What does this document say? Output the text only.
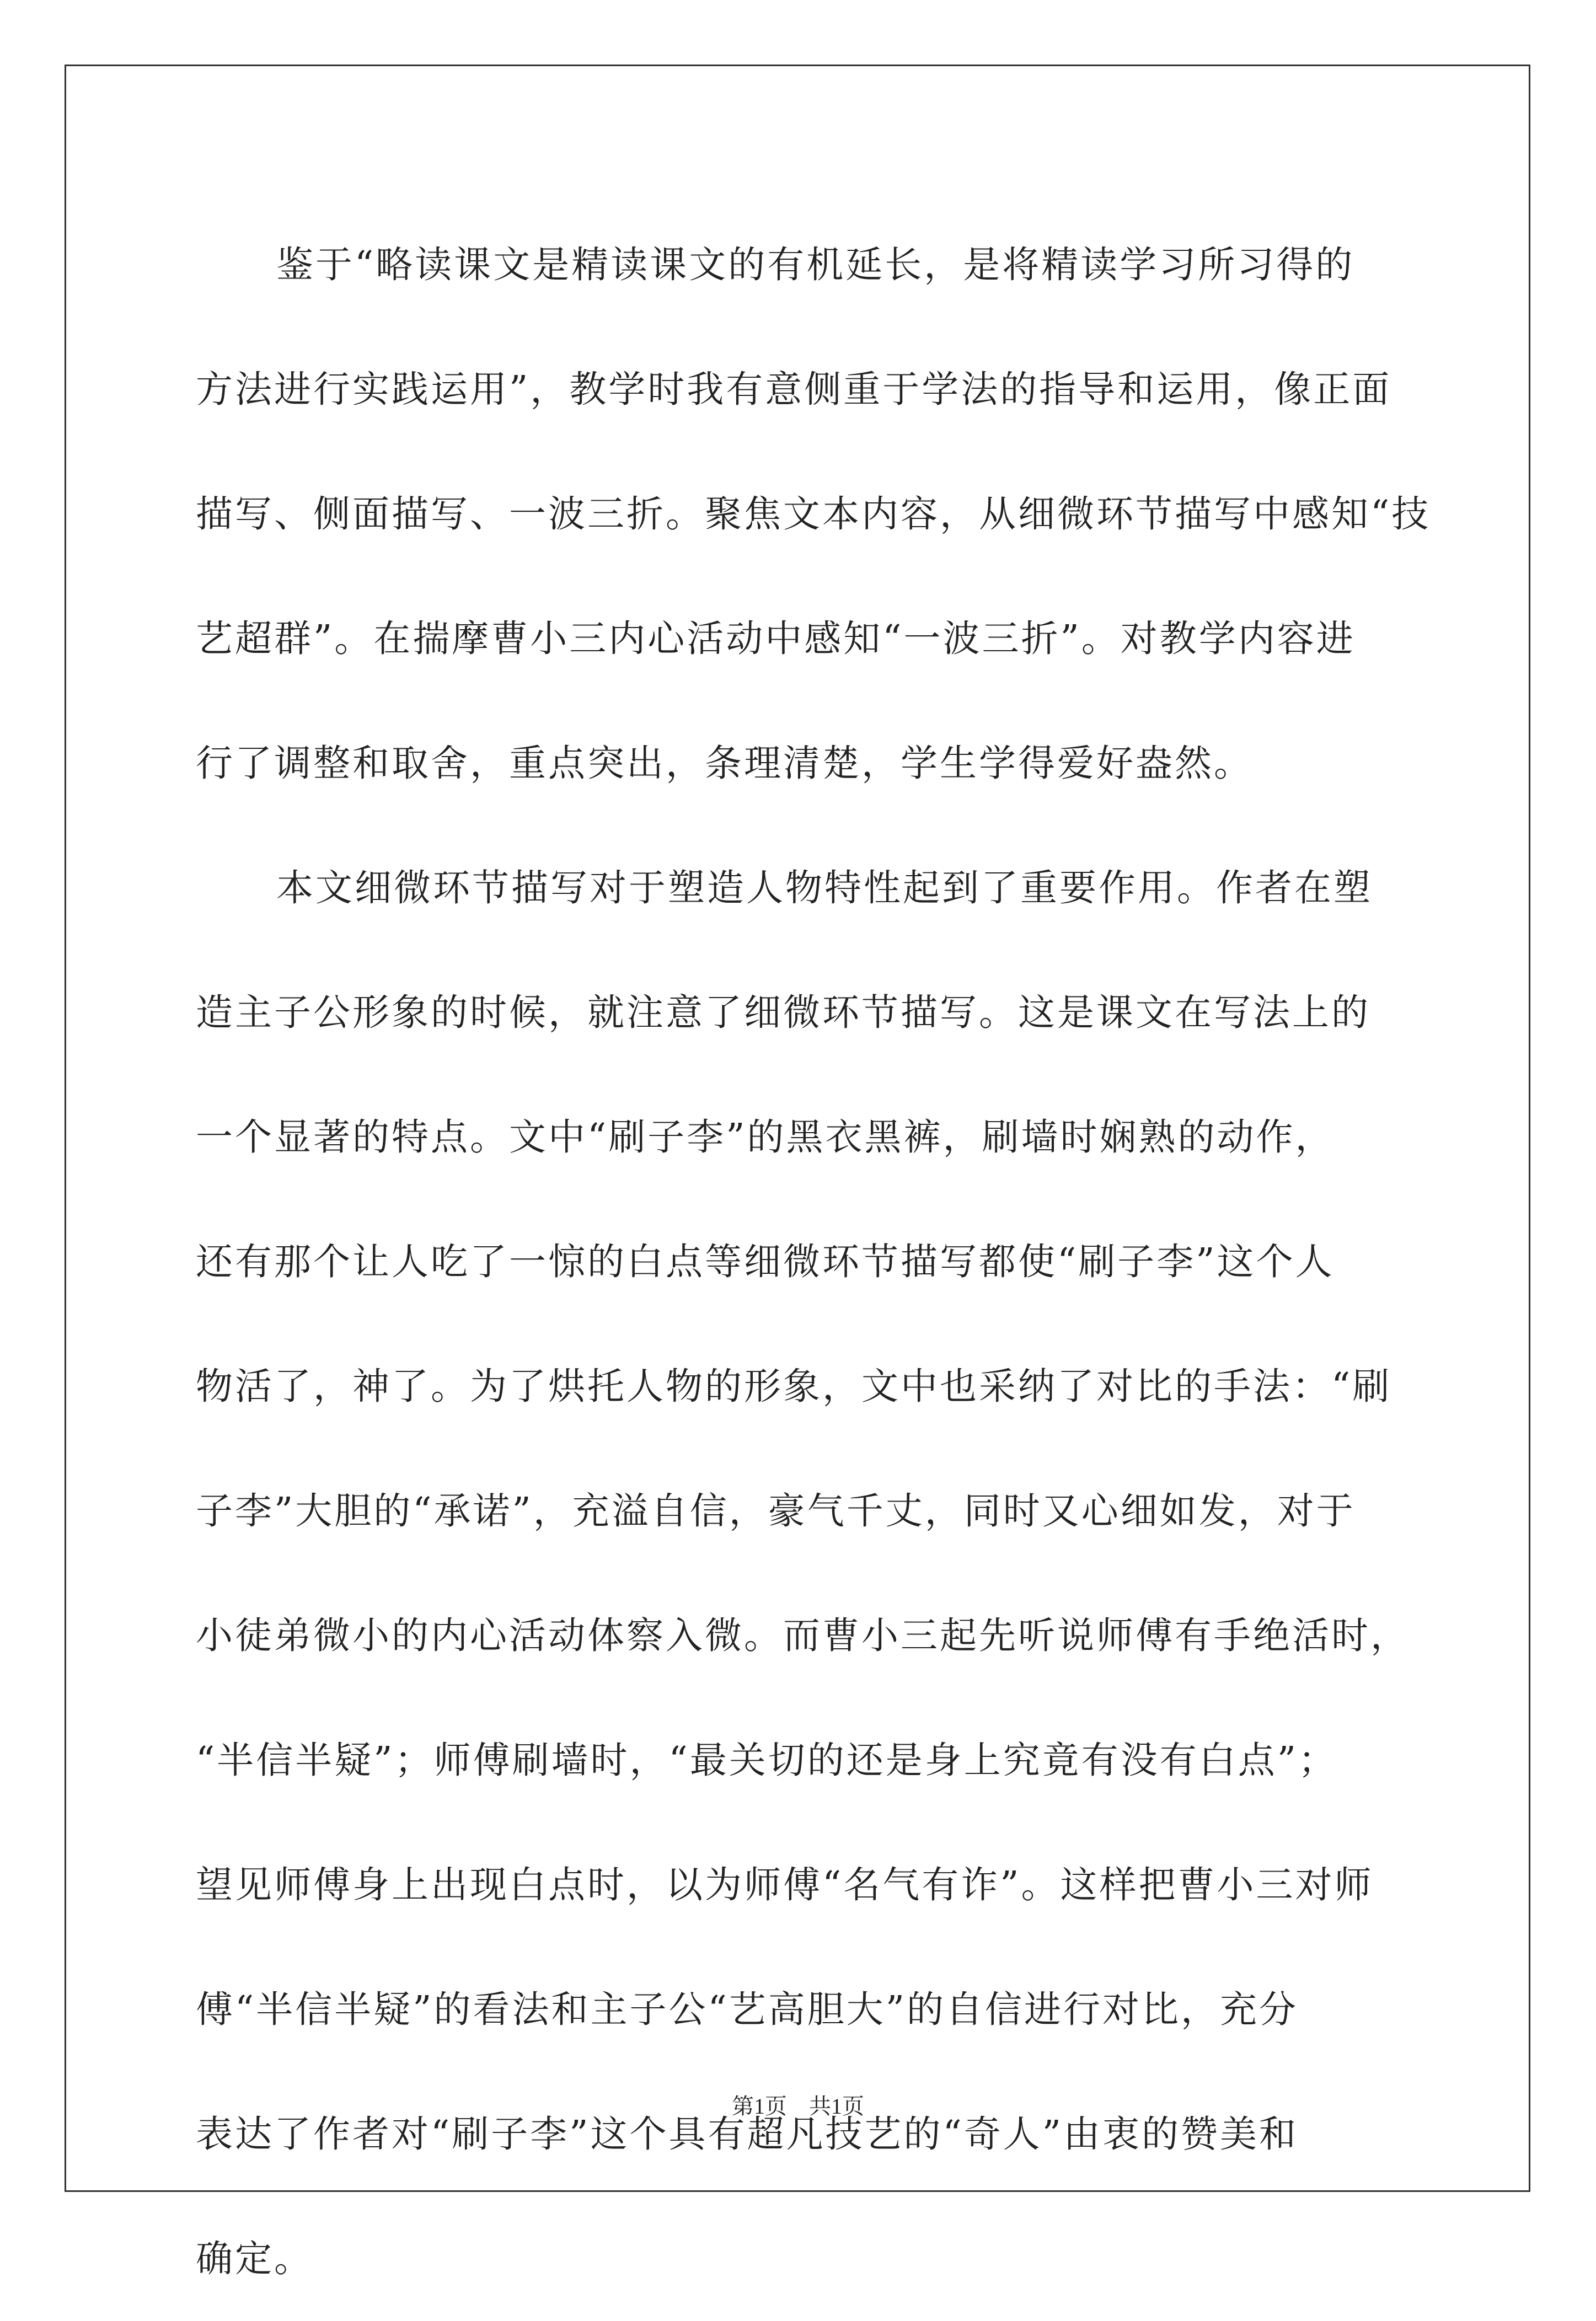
鉴于“略读课文是精读课文的有机延长，是将精读学习所习得的
方法进行实践运用”，教学时我有意侧重于学法的指导和运用，像正面
描写、侧面描写、一波三折。聚焦文本内容，从细微环节描写中感知“技
艺超群”。在揣摩曹小三内心活动中感知“一波三折”。对教学内容进
行了调整和取舍，重点突出，条理清楚，学生学得爱好盎然。

本文细微环节描写对于塑造人物特性起到了重要作用。作者在塑
造主子公形象的时候，就注意了细微环节描写。这是课文在写法上的
一个显著的特点。文中“刷子李”的黑衣黑裤，刷墙时娴熟的动作，
还有那个让人吃了一惊的白点等细微环节描写都使“刷子李”这个人
物活了，神了。为了烘托人物的形象，文中也采纳了对比的手法：“刷
子李”大胆的“承诺”，充溢自信，豪气千丈，同时又心细如发，对于
小徒弟微小的内心活动体察入微。而曹小三起先听说师傅有手绝活时，
“半信半疑”；师傅刷墙时，“最关切的还是身上究竟有没有白点”；
望见师傅身上出现白点时，以为师傅“名气有诈”。这样把曹小三对师
傅“半信半疑”的看法和主子公“艺高胆大”的自信进行对比，充分
表达了作者对“刷子李”这个具有超凡技艺的“奇人”由衷的赞美和
确定。

第1页　共1页
